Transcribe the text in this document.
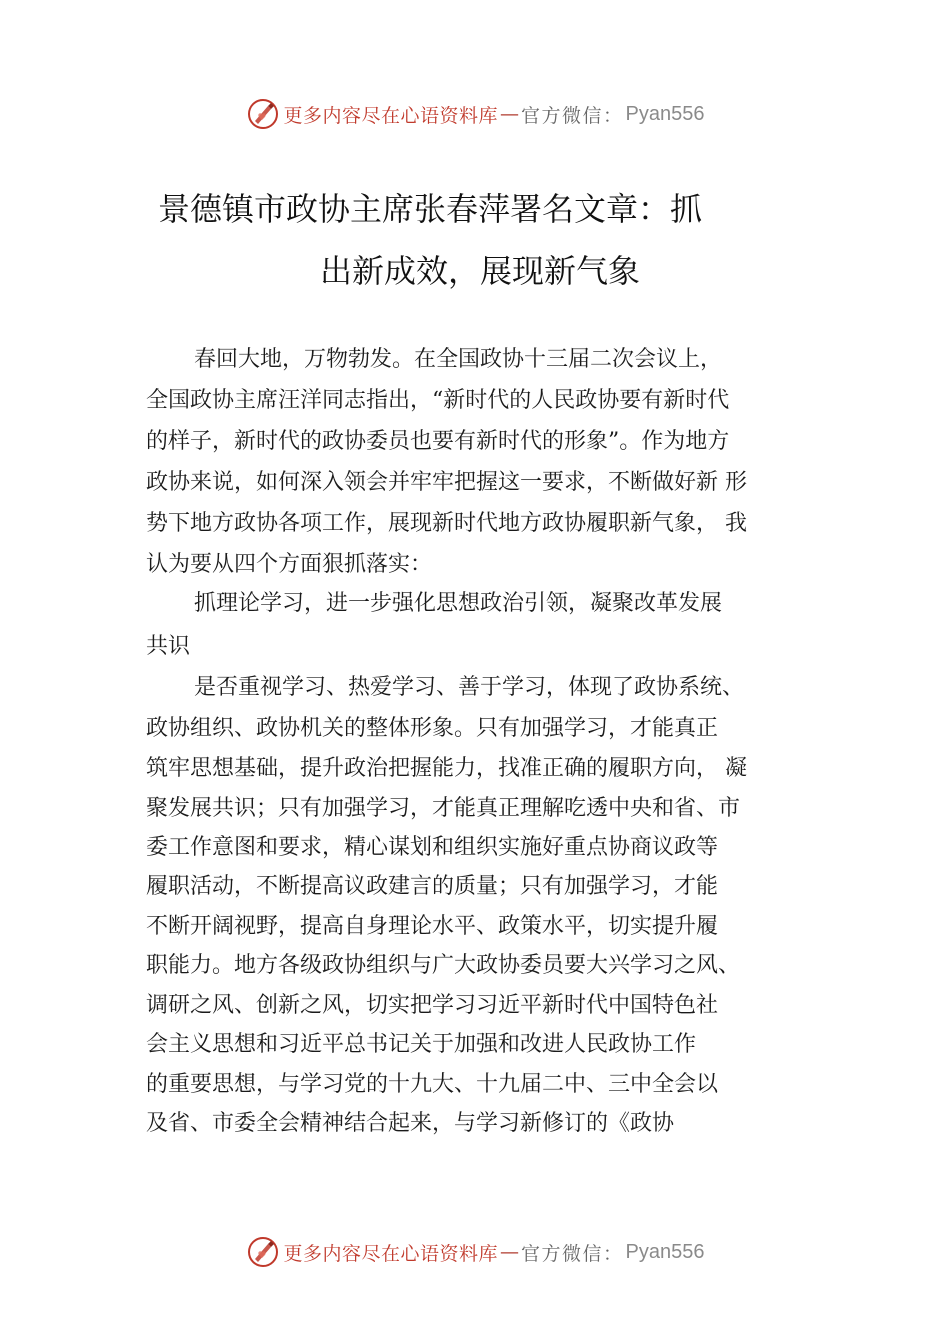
更多内容尽在心语资料库 — 官方微信： Pyan556
景德镇市政协主席张春萍署名文章：抓
出新成效，展现新气象
春回大地，万物勃发。在全国政协十三届二次会议上，
全国政协主席汪洋同志指出，“新时代的人民政协要有新时代
的样子，新时代的政协委员也要有新时代的形象”。作为地方
政协来说，如何深入领会并牢牢把握这一要求，不断做好新 形
势下地方政协各项工作，展现新时代地方政协履职新气象， 我
认为要从四个方面狠抓落实：
抓理论学习，进一步强化思想政治引领，凝聚改革发展
共识
是否重视学习、热爱学习、善于学习，体现了政协系统、
政协组织、政协机关的整体形象。只有加强学习，才能真正
筑牢思想基础，提升政治把握能力，找准正确的履职方向， 凝
聚发展共识；只有加强学习，才能真正理解吃透中央和省、市
委工作意图和要求，精心谋划和组织实施好重点协商议政等
履职活动，不断提高议政建言的质量；只有加强学习，才能
不断开阔视野，提高自身理论水平、政策水平，切实提升履
职能力。地方各级政协组织与广大政协委员要大兴学习之风、
调研之风、创新之风，切实把学习习近平新时代中国特色社
会主义思想和习近平总书记关于加强和改进人民政协工作
的重要思想，与学习党的十九大、十九届二中、三中全会以
及省、市委全会精神结合起来，与学习新修订的《政协
更多内容尽在心语资料库 — 官方微信： Pyan556
